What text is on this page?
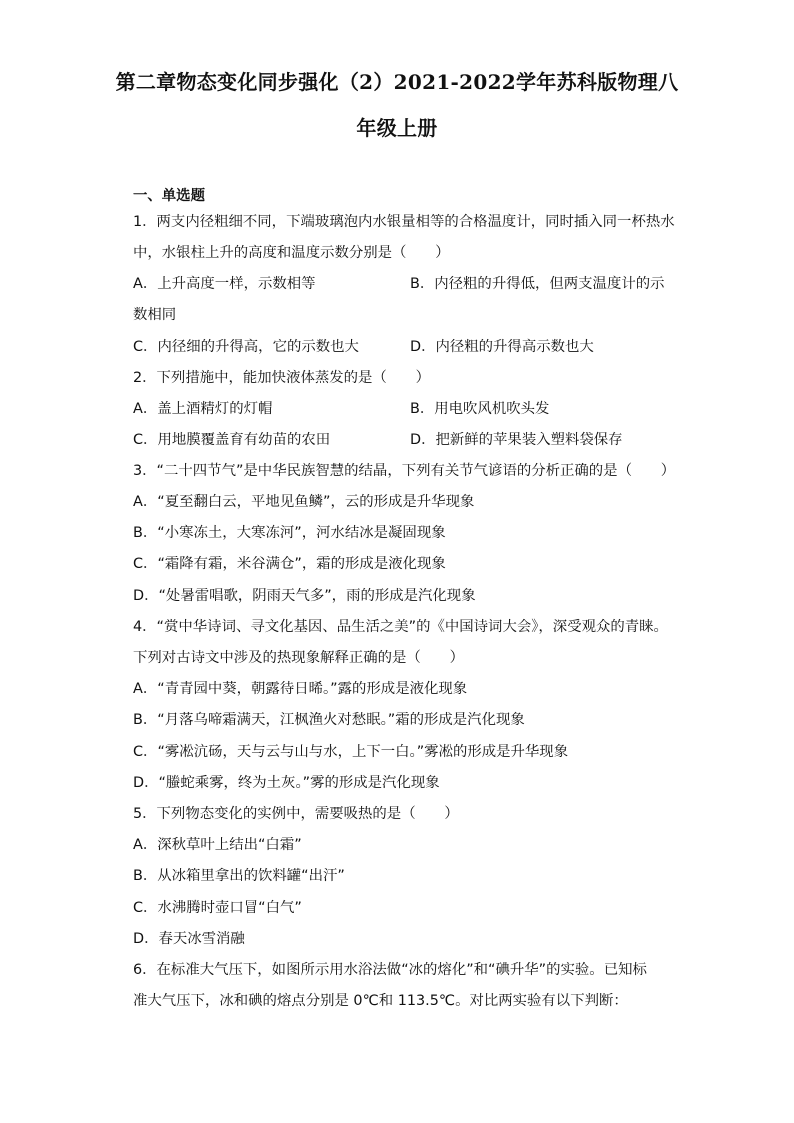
第二章物态变化同步强化（2）2021-2022学年苏科版物理八
年级上册
一、单选题
1．两支内径粗细不同，下端玻璃泡内水银量相等的合格温度计，同时插入同一杯热水
中，水银柱上升的高度和温度示数分别是（　　）
A．上升高度一样，示数相等	B．内径粗的升得低，但两支温度计的示
数相同
C．内径细的升得高，它的示数也大	D．内径粗的升得高示数也大
2．下列措施中，能加快液体蒸发的是（　　）
A．盖上酒精灯的灯帽	B．用电吹风机吹头发
C．用地膜覆盖育有幼苗的农田	D．把新鲜的苹果装入塑料袋保存
3．“二十四节气”是中华民族智慧的结晶，下列有关节气谚语的分析正确的是（　　）
A．“夏至翻白云，平地见鱼鳞”，云的形成是升华现象
B．“小寒冻土，大寒冻河”，河水结冰是凝固现象
C．“霜降有霜，米谷满仓”，霜的形成是液化现象
D．“处暑雷唱歌，阴雨天气多”，雨的形成是汽化现象
4．“赏中华诗词、寻文化基因、品生活之美”的《中国诗词大会》，深受观众的青睐。
下列对古诗文中涉及的热现象解释正确的是（　　）
A．“青青园中葵，朝露待日晞。”露的形成是液化现象
B．“月落乌啼霜满天，江枫渔火对愁眠。”霜的形成是汽化现象
C．“雾凇沆砀，天与云与山与水，上下一白。”雾凇的形成是升华现象
D．“螣蛇乘雾，终为土灰。”雾的形成是汽化现象
5．下列物态变化的实例中，需要吸热的是（　　）
A．深秋草叶上结出“白霜”
B．从冰箱里拿出的饮料罐“出汗”
C．水沸腾时壶口冒“白气”
D．春天冰雪消融
6．在标准大气压下，如图所示用水浴法做“冰的熔化”和“碘升华”的实验。已知标
准大气压下，冰和碘的熔点分别是 0℃和 113.5℃。对比两实验有以下判断：
